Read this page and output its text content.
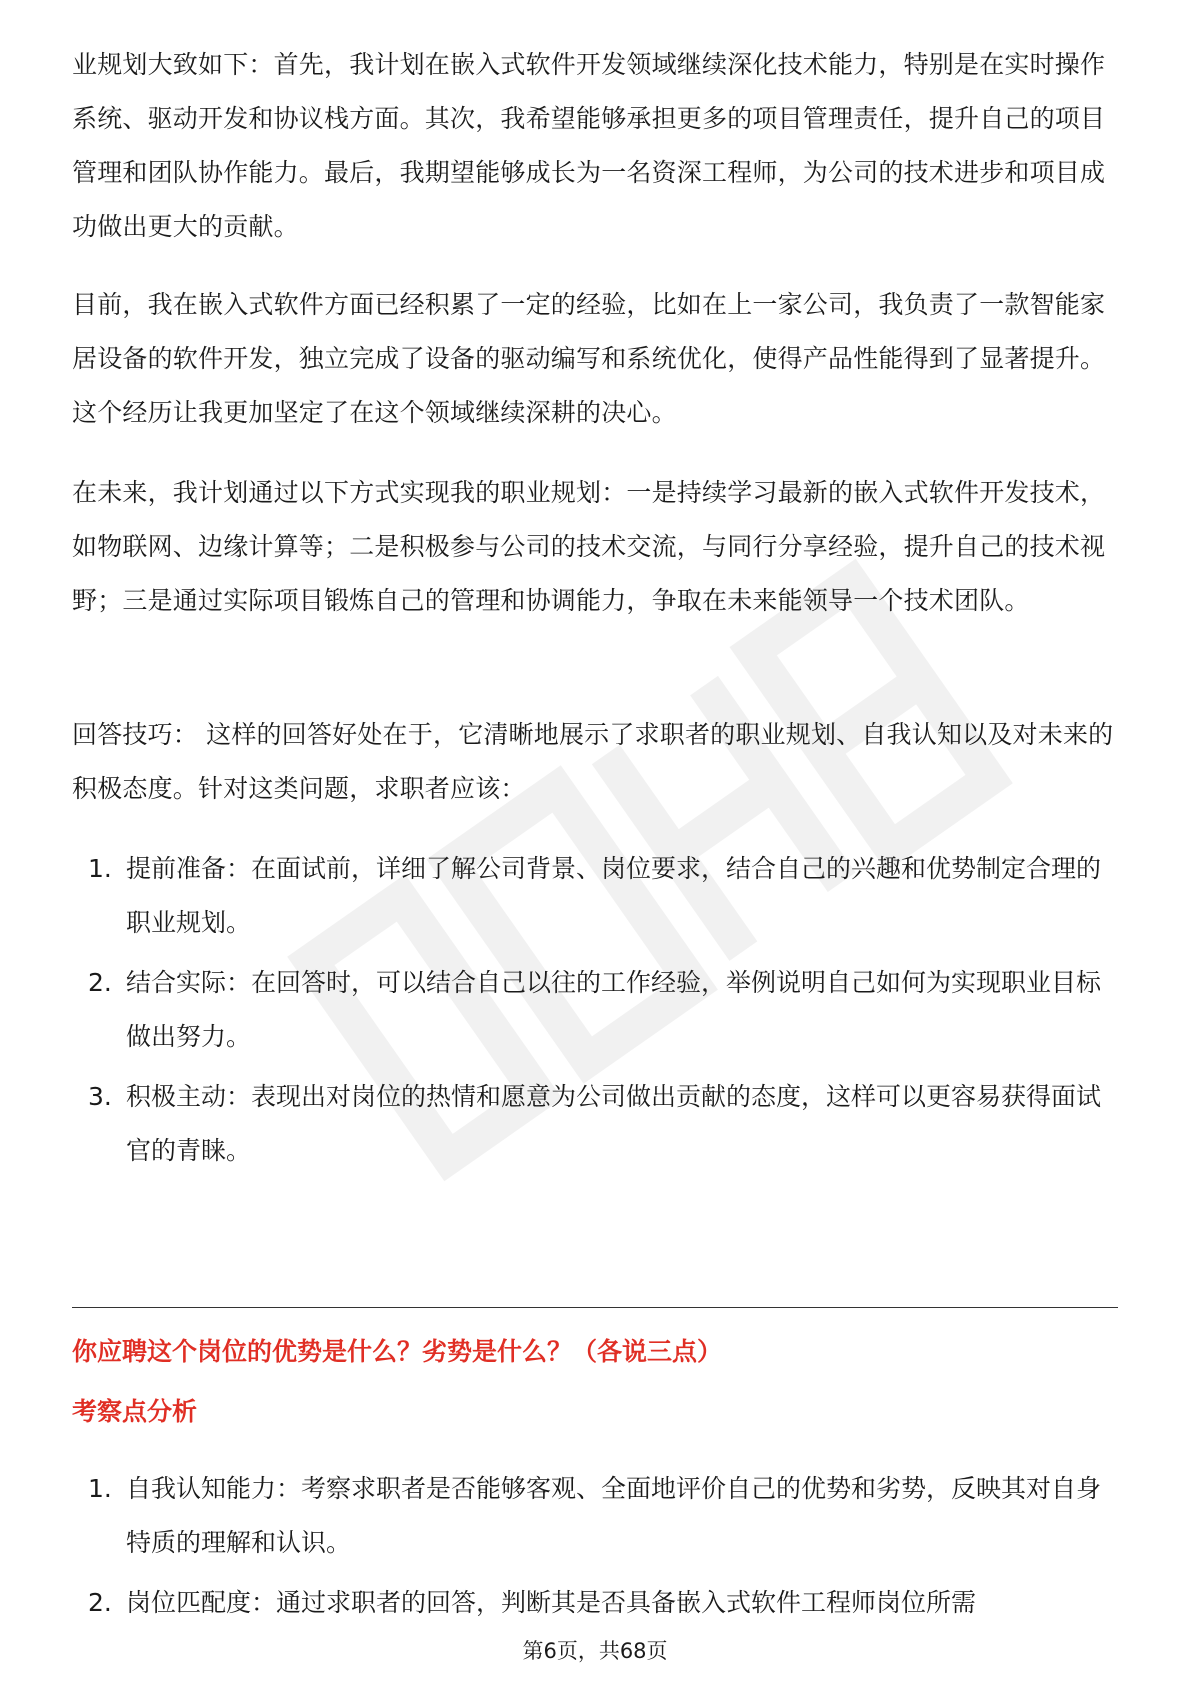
业规划大致如下：首先，我计划在嵌入式软件开发领域继续深化技术能力，特别是在实时操作系统、驱动开发和协议栈方面。其次，我希望能够承担更多的项目管理责任，提升自己的项目管理和团队协作能力。最后，我期望能够成长为一名资深工程师，为公司的技术进步和项目成功做出更大的贡献。

目前，我在嵌入式软件方面已经积累了一定的经验，比如在上一家公司，我负责了一款智能家居设备的软件开发，独立完成了设备的驱动编写和系统优化，使得产品性能得到了显著提升。这个经历让我更加坚定了在这个领域继续深耕的决心。

在未来，我计划通过以下方式实现我的职业规划：一是持续学习最新的嵌入式软件开发技术，如物联网、边缘计算等；二是积极参与公司的技术交流，与同行分享经验，提升自己的技术视野；三是通过实际项目锻炼自己的管理和协调能力，争取在未来能领导一个技术团队。

回答技巧： 这样的回答好处在于，它清晰地展示了求职者的职业规划、自我认知以及对未来的积极态度。针对这类问题，求职者应该：

1. 提前准备：在面试前，详细了解公司背景、岗位要求，结合自己的兴趣和优势制定合理的职业规划。
2. 结合实际：在回答时，可以结合自己以往的工作经验，举例说明自己如何为实现职业目标做出努力。
3. 积极主动：表现出对岗位的热情和愿意为公司做出贡献的态度，这样可以更容易获得面试官的青睐。
你应聘这个岗位的优势是什么？劣势是什么？（各说三点）
考察点分析
1. 自我认知能力：考察求职者是否能够客观、全面地评价自己的优势和劣势，反映其对自身特质的理解和认识。
2. 岗位匹配度：通过求职者的回答，判断其是否具备嵌入式软件工程师岗位所需
第6页，共68页
